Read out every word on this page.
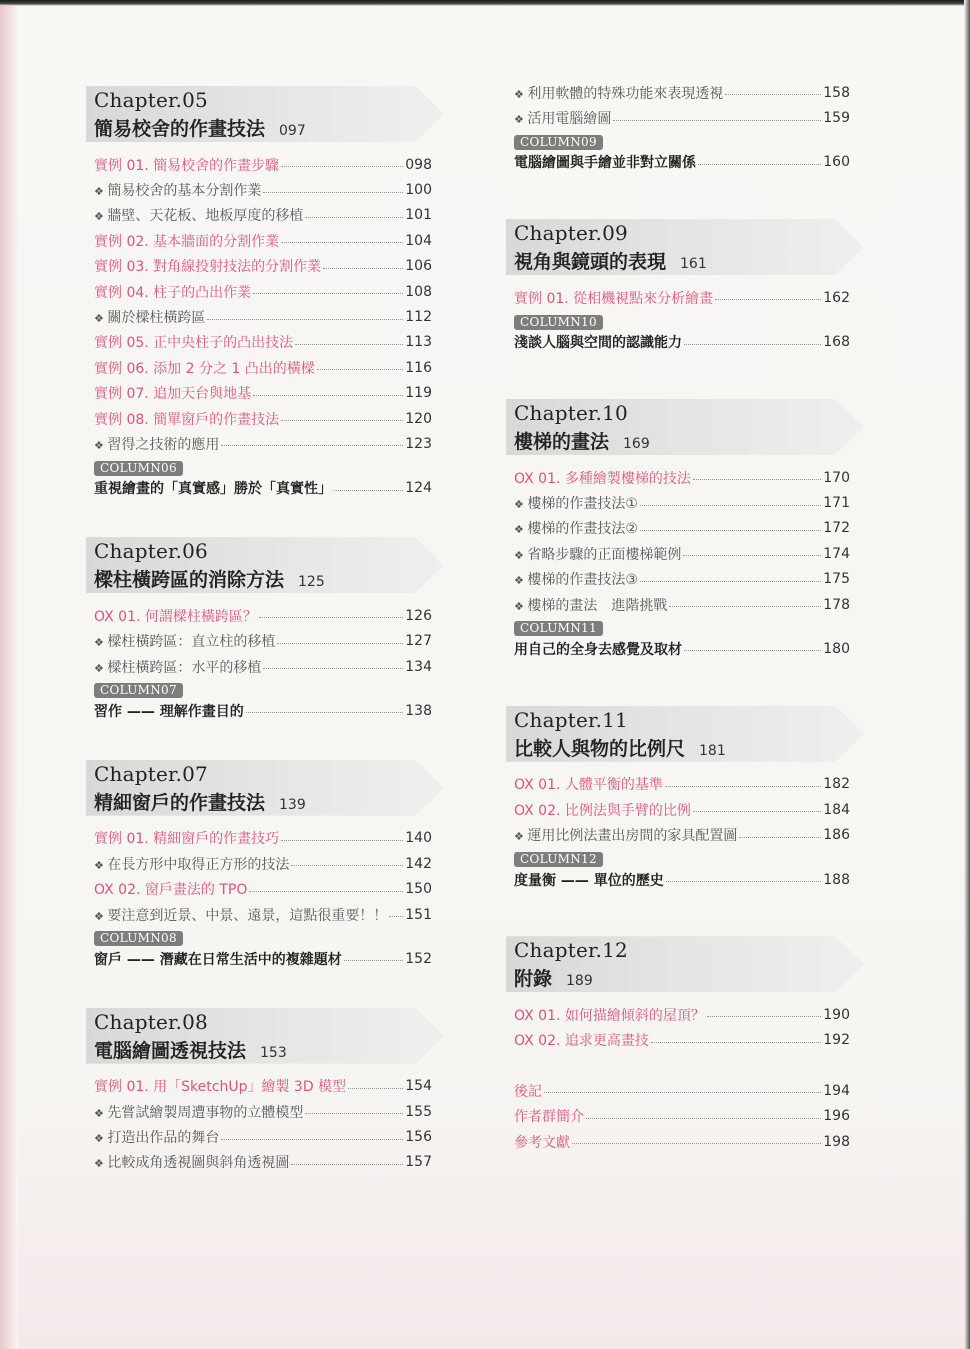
Chapter.05
簡易校舍的作畫技法 097
實例 01. 簡易校舍的作畫步驟	098
❖ 簡易校舍的基本分割作業	100
❖ 牆壁、天花板、地板厚度的移植	101
實例 02. 基本牆面的分割作業	104
實例 03. 對角線投射技法的分割作業	106
實例 04. 柱子的凸出作業	108
❖ 關於樑柱橫跨區	112
實例 05. 正中央柱子的凸出技法	113
實例 06. 添加 2 分之 1 凸出的橫樑	116
實例 07. 追加天台與地基	119
實例 08. 簡單窗戶的作畫技法	120
❖ 習得之技術的應用	123
COLUMN06
重視繪畫的「真實感」勝於「真實性」	124
Chapter.06
樑柱橫跨區的消除方法 125
OX 01. 何謂樑柱橫跨區？	126
❖ 樑柱橫跨區：直立柱的移植	127
❖ 樑柱橫跨區：水平的移植	134
COLUMN07
習作 —— 理解作畫目的	138
Chapter.07
精細窗戶的作畫技法 139
實例 01. 精細窗戶的作畫技巧	140
❖ 在長方形中取得正方形的技法	142
OX 02. 窗戶畫法的 TPO	150
❖ 要注意到近景、中景、遠景，這點很重要！！ 151
COLUMN08
窗戶 —— 潛藏在日常生活中的複雜題材	152
Chapter.08
電腦繪圖透視技法 153
實例 01. 用「SketchUp」繪製 3D 模型	154
❖ 先嘗試繪製周遭事物的立體模型	155
❖ 打造出作品的舞台	156
❖ 比較成角透視圖與斜角透視圖	157
❖ 利用軟體的特殊功能來表現透視	158
❖ 活用電腦繪圖	159
COLUMN09
電腦繪圖與手繪並非對立關係	160
Chapter.09
視角與鏡頭的表現 161
實例 01. 從相機視點來分析繪畫	162
COLUMN10
淺談人腦與空間的認識能力	168
Chapter.10
樓梯的畫法 169
OX 01. 多種繪製樓梯的技法	170
❖ 樓梯的作畫技法①	171
❖ 樓梯的作畫技法②	172
❖ 省略步驟的正面樓梯範例	174
❖ 樓梯的作畫技法③	175
❖ 樓梯的畫法　進階挑戰	178
COLUMN11
用自己的全身去感覺及取材	180
Chapter.11
比較人與物的比例尺 181
OX 01. 人體平衡的基準	182
OX 02. 比例法與手臂的比例	184
❖ 運用比例法畫出房間的家具配置圖	186
COLUMN12
度量衡 —— 單位的歷史	188
Chapter.12
附錄 189
OX 01. 如何描繪傾斜的屋頂？	190
OX 02. 追求更高畫技	192
後記	194
作者群簡介	196
參考文獻	198
